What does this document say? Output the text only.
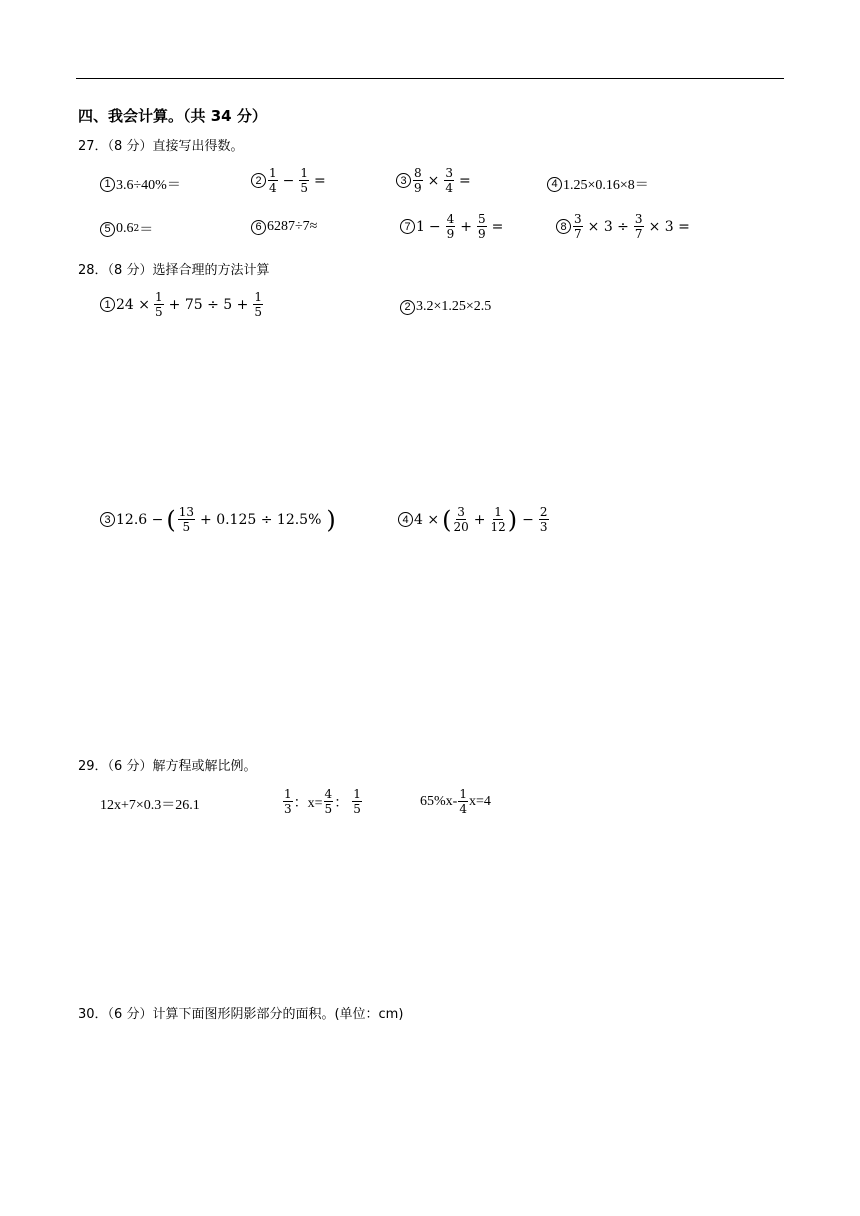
四、我会计算。（共 34 分）
27．（8 分）直接写出得数。
1 3.6÷40%＝	$2 \frac{1}{4} - \frac{1}{5}$ =	$3 \frac{8}{9} \times \frac{3}{4}$ =	4 1.25×0.16×8＝
5 0.6 2 ＝	6 6287÷7≈	7 $1 - \frac{4}{9} + \frac{5}{9}$ =	$8 \frac{3}{7} \times 3 \div \frac{3}{7} \times 3$ =
28．（8 分）选择合理的方法计算
1 $24 \times \frac{1}{5} + 75 \div 5 + \frac{1}{5}$	2 3.2×1.25×2.5
3 12.6 − ( $\frac{13}{5} + 0.125 \div 12.5\%$ )	4 4 × ( $\frac{3}{20} + \frac{1}{12}$ ) − $\frac{2}{3}$
29．（6 分）解方程或解比例。
12x+7×0.3＝26.1	$\frac{1}{3}$ ：$x= \frac{4}{5}$ ： $\frac{1}{5}$	$65\%x- \frac{1}{4} x=4$
30．（6 分）计算下面图形阴影部分的面积。(单位：cm)
